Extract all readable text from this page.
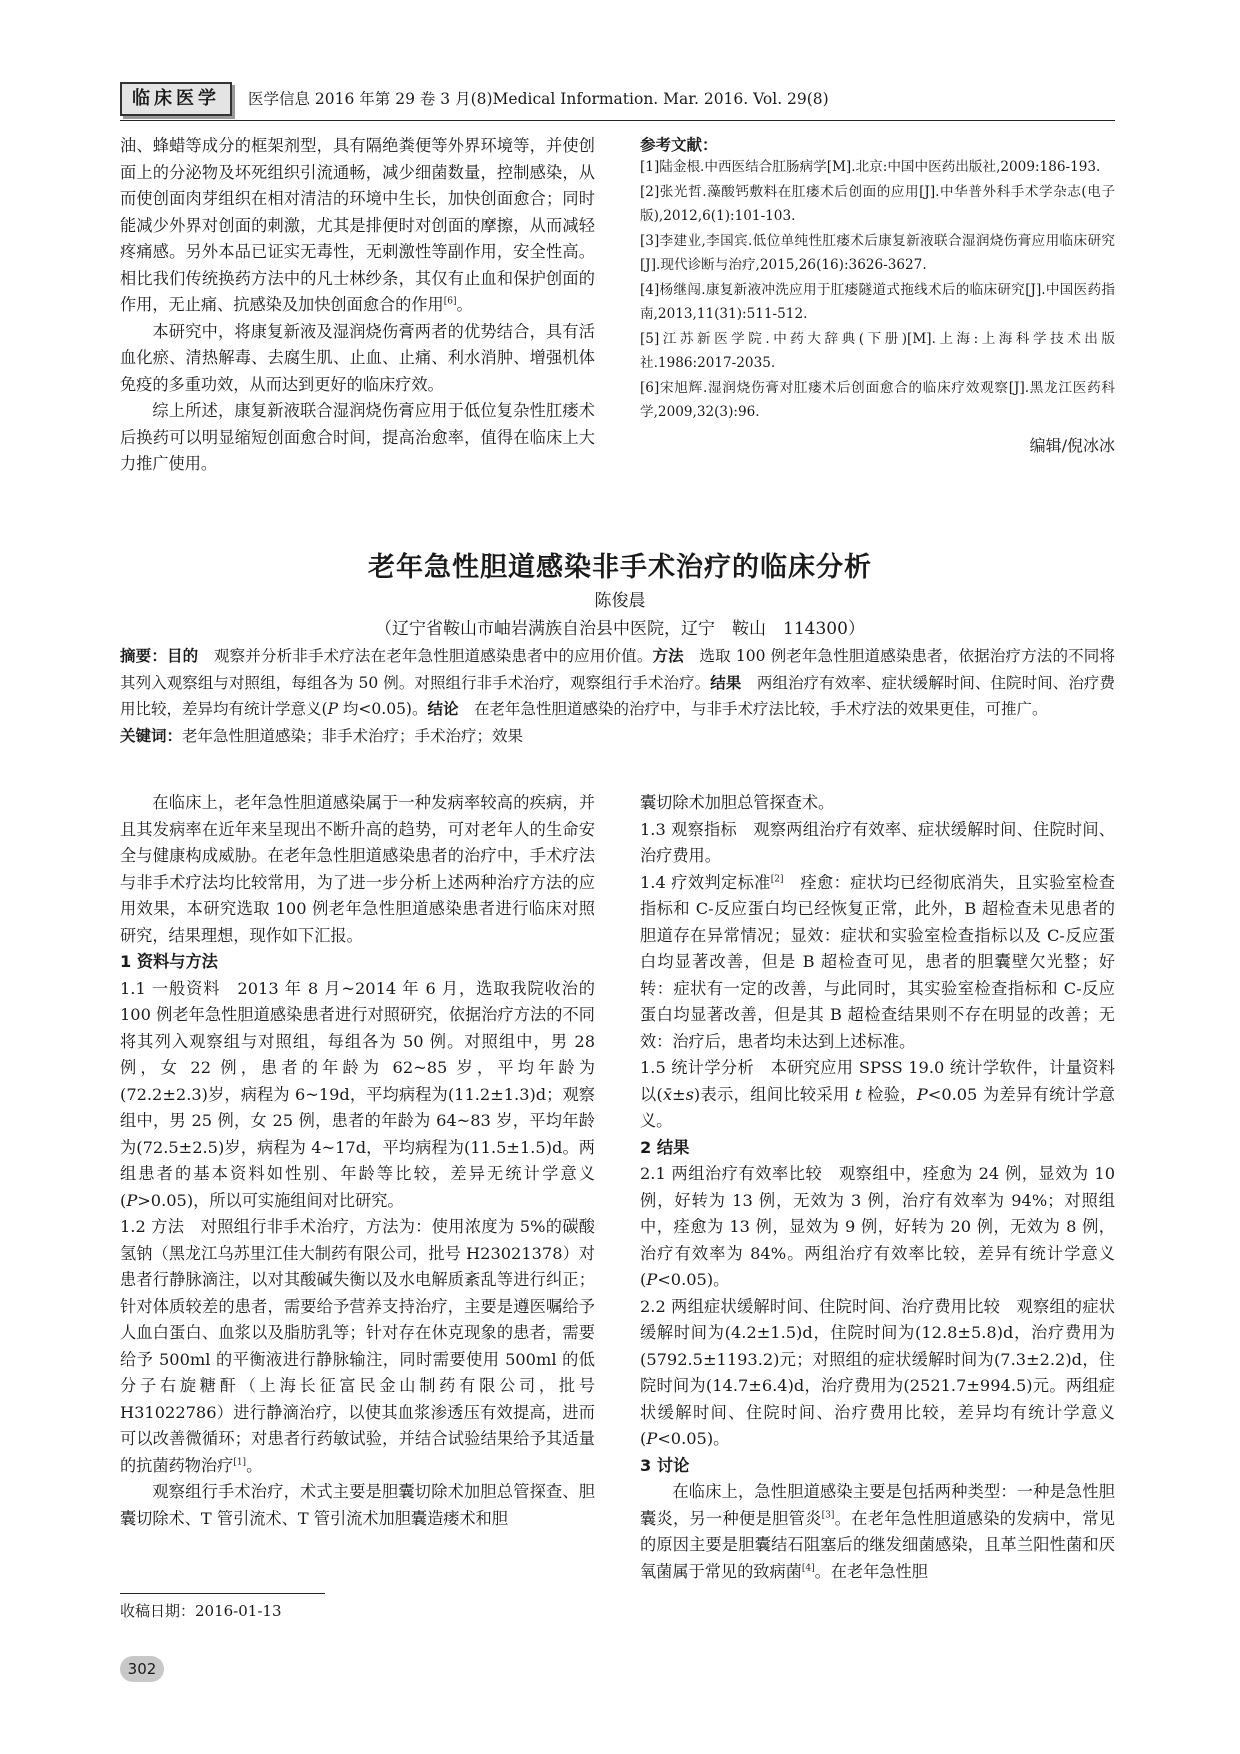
临床医学	医学信息 2016 年第 29 卷 3 月(8)Medical Information. Mar. 2016. Vol. 29(8)

油、蜂蜡等成分的框架剂型，具有隔绝粪便等外界环境等，并使创面上的分泌物及坏死组织引流通畅，减少细菌数量，控制感染，从而使创面肉芽组织在相对清洁的环境中生长，加快创面愈合；同时能减少外界对创面的刺激，尤其是排便时对创面的摩擦，从而减轻疼痛感。另外本品已证实无毒性，无刺激性等副作用，安全性高。相比我们传统换药方法中的凡士林纱条，其仅有止血和保护创面的作用，无止痛、抗感染及加快创面愈合的作用[6]。

本研究中，将康复新液及湿润烧伤膏两者的优势结合，具有活血化瘀、清热解毒、去腐生肌、止血、止痛、利水消肿、增强机体免疫的多重功效，从而达到更好的临床疗效。

综上所述，康复新液联合湿润烧伤膏应用于低位复杂性肛瘘术后换药可以明显缩短创面愈合时间，提高治愈率，值得在临床上大力推广使用。

参考文献：

[1]陆金根.中西医结合肛肠病学[M].北京:中国中医药出版社,2009:186-193.

[2]张光哲.藻酸钙敷料在肛瘘术后创面的应用[J].中华普外科手术学杂志(电子版),2012,6(1):101-103.

[3]李建业,李国宾.低位单纯性肛瘘术后康复新液联合湿润烧伤膏应用临床研究[J].现代诊断与治疗,2015,26(16):3626-3627.

[4]杨继闯.康复新液冲洗应用于肛瘘隧道式拖线术后的临床研究[J].中国医药指南,2013,11(31):511-512.

[5]江苏新医学院.中药大辞典(下册)[M].上海:上海科学技术出版社.1986:2017-2035.

[6]宋旭辉.湿润烧伤膏对肛瘘术后创面愈合的临床疗效观察[J].黑龙江医药科学,2009,32(3):96.

编辑/倪冰冰
老年急性胆道感染非手术治疗的临床分析
陈俊晨
（辽宁省鞍山市岫岩满族自治县中医院，辽宁　鞍山　114300）

摘要：目的　观察并分析非手术疗法在老年急性胆道感染患者中的应用价值。方法　选取 100 例老年急性胆道感染患者，依据治疗方法的不同将其列入观察组与对照组，每组各为 50 例。对照组行非手术治疗，观察组行手术治疗。结果　两组治疗有效率、症状缓解时间、住院时间、治疗费用比较，差异均有统计学意义(P 均<0.05)。结论　在老年急性胆道感染的治疗中，与非手术疗法比较，手术疗法的效果更佳，可推广。

关键词：老年急性胆道感染；非手术治疗；手术治疗；效果

在临床上，老年急性胆道感染属于一种发病率较高的疾病，并且其发病率在近年来呈现出不断升高的趋势，可对老年人的生命安全与健康构成威胁。在老年急性胆道感染患者的治疗中，手术疗法与非手术疗法均比较常用，为了进一步分析上述两种治疗方法的应用效果，本研究选取 100 例老年急性胆道感染患者进行临床对照研究，结果理想，现作如下汇报。

1 资料与方法

1.1 一般资料　2013 年 8 月~2014 年 6 月，选取我院收治的 100 例老年急性胆道感染患者进行对照研究，依据治疗方法的不同将其列入观察组与对照组，每组各为 50 例。对照组中，男 28 例，女 22 例，患者的年龄为 62~85 岁，平均年龄为(72.2±2.3)岁，病程为 6~19d，平均病程为(11.2±1.3)d；观察组中，男 25 例，女 25 例，患者的年龄为 64~83 岁，平均年龄为(72.5±2.5)岁，病程为 4~17d，平均病程为(11.5±1.5)d。两组患者的基本资料如性别、年龄等比较，差异无统计学意义(P>0.05)，所以可实施组间对比研究。

1.2 方法　对照组行非手术治疗，方法为：使用浓度为 5%的碳酸氢钠（黑龙江乌苏里江佳大制药有限公司，批号 H23021378）对患者行静脉滴注，以对其酸碱失衡以及水电解质紊乱等进行纠正；针对体质较差的患者，需要给予营养支持治疗，主要是遵医嘱给予人血白蛋白、血浆以及脂肪乳等；针对存在休克现象的患者，需要给予 500ml 的平衡液进行静脉输注，同时需要使用 500ml 的低分子右旋糖酐（上海长征富民金山制药有限公司，批号 H31022786）进行静滴治疗，以使其血浆渗透压有效提高，进而可以改善微循环；对患者行药敏试验，并结合试验结果给予其适量的抗菌药物治疗[1]。

观察组行手术治疗，术式主要是胆囊切除术加胆总管探查、胆囊切除术、T 管引流术、T 管引流术加胆囊造瘘术和胆

囊切除术加胆总管探查术。

1.3 观察指标　观察两组治疗有效率、症状缓解时间、住院时间、治疗费用。

1.4 疗效判定标准[2]　痊愈：症状均已经彻底消失，且实验室检查指标和 C-反应蛋白均已经恢复正常，此外，B 超检查未见患者的胆道存在异常情况；显效：症状和实验室检查指标以及 C-反应蛋白均显著改善，但是 B 超检查可见，患者的胆囊壁欠光整；好转：症状有一定的改善，与此同时，其实验室检查指标和 C-反应蛋白均显著改善，但是其 B 超检查结果则不存在明显的改善；无效：治疗后，患者均未达到上述标准。

1.5 统计学分析　本研究应用 SPSS 19.0 统计学软件，计量资料以(x̄±s)表示，组间比较采用 t 检验，P<0.05 为差异有统计学意义。

2 结果

2.1 两组治疗有效率比较　观察组中，痊愈为 24 例，显效为 10 例，好转为 13 例，无效为 3 例，治疗有效率为 94%；对照组中，痊愈为 13 例，显效为 9 例，好转为 20 例，无效为 8 例，治疗有效率为 84%。两组治疗有效率比较，差异有统计学意义(P<0.05)。

2.2 两组症状缓解时间、住院时间、治疗费用比较　观察组的症状缓解时间为(4.2±1.5)d，住院时间为(12.8±5.8)d，治疗费用为(5792.5±1193.2)元；对照组的症状缓解时间为(7.3±2.2)d，住院时间为(14.7±6.4)d，治疗费用为(2521.7±994.5)元。两组症状缓解时间、住院时间、治疗费用比较，差异均有统计学意义(P<0.05)。

3 讨论

在临床上，急性胆道感染主要是包括两种类型：一种是急性胆囊炎，另一种便是胆管炎[3]。在老年急性胆道感染的发病中，常见的原因主要是胆囊结石阻塞后的继发细菌感染，且革兰阳性菌和厌氧菌属于常见的致病菌[4]。在老年急性胆

收稿日期：2016-01-13
302
